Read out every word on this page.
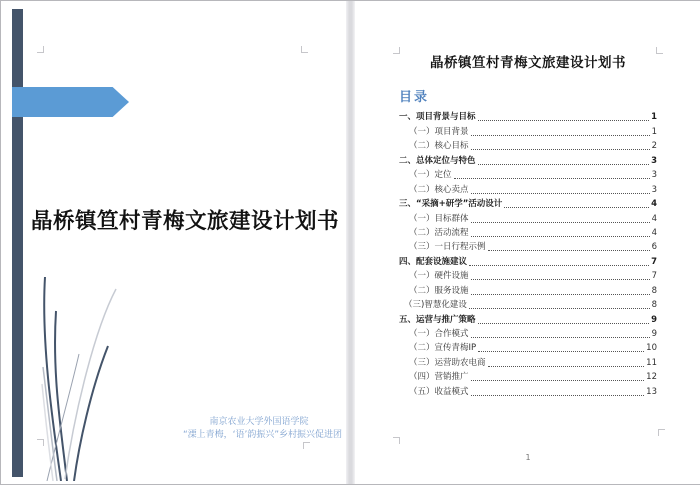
晶桥镇笪村青梅文旅建设计划书
南京农业大学外国语学院
“溧上青梅，‘语’韵振兴”乡村振兴促进团
晶桥镇笪村青梅文旅建设计划书
目录
一、项目背景与目标	1
（一）项目背景	1
（二）核心目标	2
二、总体定位与特色	3
（一）定位	3
（二）核心卖点	3
三、“采摘+研学”活动设计	4
（一）目标群体	4
（二）活动流程	4
（三）一日行程示例	6
四、配套设施建议	7
（一）硬件设施	7
（二）服务设施	8
（三)智慧化建设	8
五、运营与推广策略	9
（一）合作模式	9
（二）宣传青梅IP	10
（三）运营助农电商	11
（四）营销推广	12
（五）收益模式	13
1
